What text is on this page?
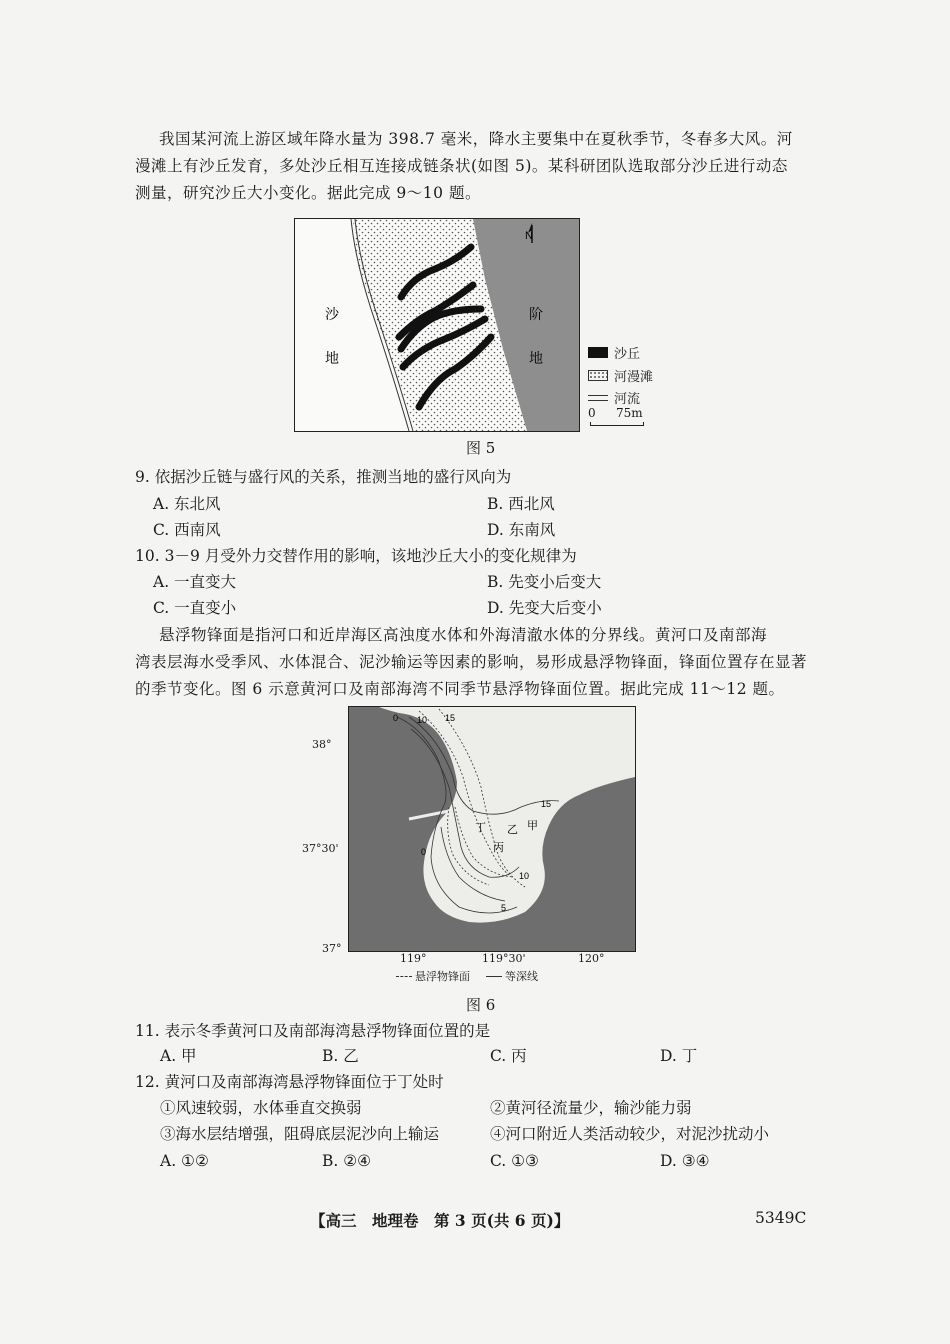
我国某河流上游区域年降水量为 398.7 毫米，降水主要集中在夏秋季节，冬春多大风。河
漫滩上有沙丘发育，多处沙丘相互连接成链条状(如图 5)。某科研团队选取部分沙丘进行动态
测量，研究沙丘大小变化。据此完成 9～10 题。
N
沙
地
阶
地	沙丘
河漫滩
河流
0 75m
图 5
9. 依据沙丘链与盛行风的关系，推测当地的盛行风向为
A. 东北风	B. 西北风
C. 西南风	D. 东南风
10. 3－9 月受外力交替作用的影响，该地沙丘大小的变化规律为
A. 一直变大	B. 先变小后变大
C. 一直变小	D. 先变大后变小
悬浮物锋面是指河口和近岸海区高浊度水体和外海清澈水体的分界线。黄河口及南部海
湾表层海水受季风、水体混合、泥沙输运等因素的影响，易形成悬浮物锋面，锋面位置存在显著
的季节变化。图 6 示意黄河口及南部海湾不同季节悬浮物锋面位置。据此完成 11～12 题。
38°
37°30'
37°
119°	119°30'	120°
0 10 15
15
10
5
0
甲
乙
丙
丁
悬浮物锋面	等深线
图 6
11. 表示冬季黄河口及南部海湾悬浮物锋面位置的是
A. 甲	B. 乙	C. 丙	D. 丁
12. 黄河口及南部海湾悬浮物锋面位于丁处时
①风速较弱，水体垂直交换弱	②黄河径流量少，输沙能力弱
③海水层结增强，阻碍底层泥沙向上输运	④河口附近人类活动较少，对泥沙扰动小
A. ①②	B. ②④	C. ①③	D. ③④
【高三　地理卷　第 3 页(共 6 页)】	5349C
